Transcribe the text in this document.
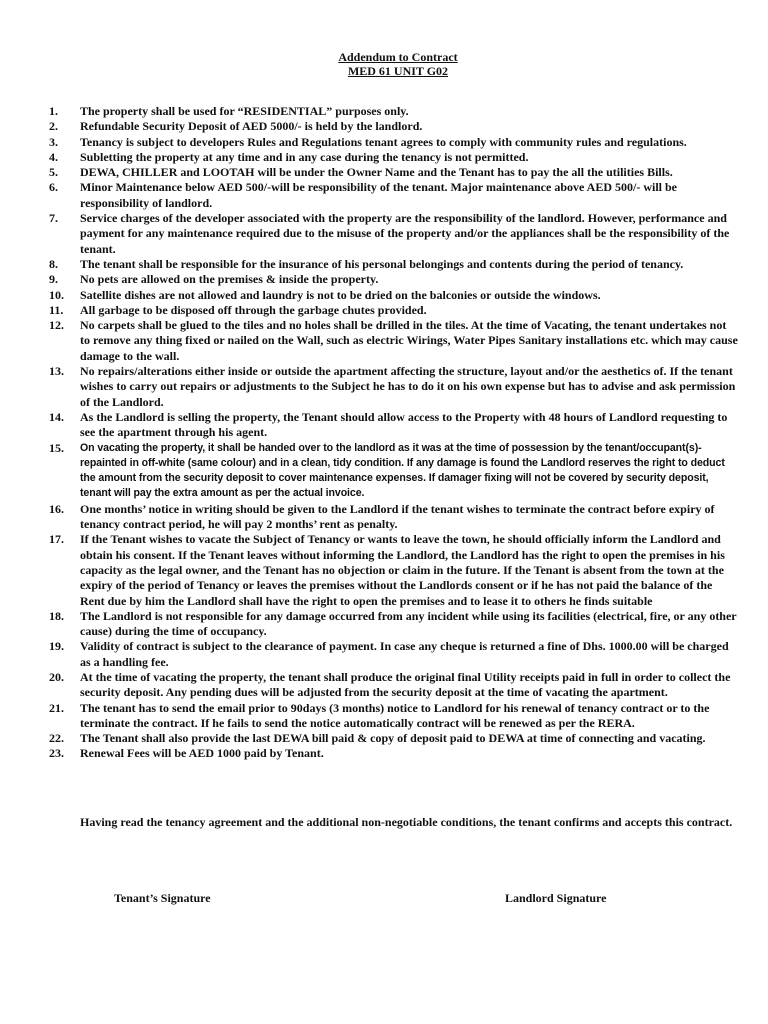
Addendum to Contract
MED 61 UNIT G02
1.	The property shall be used for “RESIDENTIAL” purposes only.
2.	Refundable Security Deposit of AED 5000/- is held by the landlord.
3.	Tenancy is subject to developers Rules and Regulations tenant agrees to comply with community rules and regulations.
4.	Subletting the property at any time and in any case during the tenancy is not permitted.
5.	DEWA, CHILLER and LOOTAH will be under the Owner Name and the Tenant has to pay the all the utilities Bills.
6.	Minor Maintenance below AED 500/-will be responsibility of the tenant. Major maintenance above AED 500/- will be responsibility of landlord.
7.	Service charges of the developer associated with the property are the responsibility of the landlord. However, performance and payment for any maintenance required due to the misuse of the property and/or the appliances shall be the responsibility of the tenant.
8.	The tenant shall be responsible for the insurance of his personal belongings and contents during the period of tenancy.
9.	No pets are allowed on the premises & inside the property.
10.	Satellite dishes are not allowed and laundry is not to be dried on the balconies or outside the windows.
11.	All garbage to be disposed off through the garbage chutes provided.
12.	No carpets shall be glued to the tiles and no holes shall be drilled in the tiles. At the time of Vacating, the tenant undertakes not to remove any thing fixed or nailed on the Wall, such as electric Wirings, Water Pipes Sanitary installations etc. which may cause damage to the wall.
13.	No repairs/alterations either inside or outside the apartment affecting the structure, layout and/or the aesthetics of. If the tenant wishes to carry out repairs or adjustments to the Subject he has to do it on his own expense but has to advise and ask permission of the Landlord.
14.	As the Landlord is selling the property, the Tenant should allow access to the Property with 48 hours of Landlord requesting to see the apartment through his agent.
15.	On vacating the property, it shall be handed over to the landlord as it was at the time of possession by the tenant/occupant(s)-repainted in off-white (same colour) and in a clean, tidy condition. If any damage is found the Landlord reserves the right to deduct the amount from the security deposit to cover maintenance expenses. If damager fixing will not be covered by security deposit, tenant will pay the extra amount as per the actual invoice.
16.	One months’ notice in writing should be given to the Landlord if the tenant wishes to terminate the contract before expiry of tenancy contract period, he will pay 2 months’ rent as penalty.
17.	If the Tenant wishes to vacate the Subject of Tenancy or wants to leave the town, he should officially inform the Landlord and obtain his consent. If the Tenant leaves without informing the Landlord, the Landlord has the right to open the premises in his capacity as the legal owner, and the Tenant has no objection or claim in the future. If the Tenant is absent from the town at the expiry of the period of Tenancy or leaves the premises without the Landlords consent or if he has not paid the balance of the Rent due by him the Landlord shall have the right to open the premises and to lease it to others he finds suitable
18.	The Landlord is not responsible for any damage occurred from any incident while using its facilities (electrical, fire, or any other cause) during the time of occupancy.
19.	Validity of contract is subject to the clearance of payment. In case any cheque is returned a fine of Dhs. 1000.00 will be charged as a handling fee.
20.	At the time of vacating the property, the tenant shall produce the original final Utility receipts paid in full in order to collect the security deposit. Any pending dues will be adjusted from the security deposit at the time of vacating the apartment.
21.	The tenant has to send the email prior to 90days (3 months) notice to Landlord for his renewal of tenancy contract or to the terminate the contract. If he fails to send the notice automatically contract will be renewed as per the RERA.
22.	The Tenant shall also provide the last DEWA bill paid & copy of deposit paid to DEWA at time of connecting and vacating.
23.	Renewal Fees will be AED 1000 paid by Tenant.
Having read the tenancy agreement and the additional non-negotiable conditions, the tenant confirms and accepts this contract.
Tenant’s Signature	Landlord Signature
